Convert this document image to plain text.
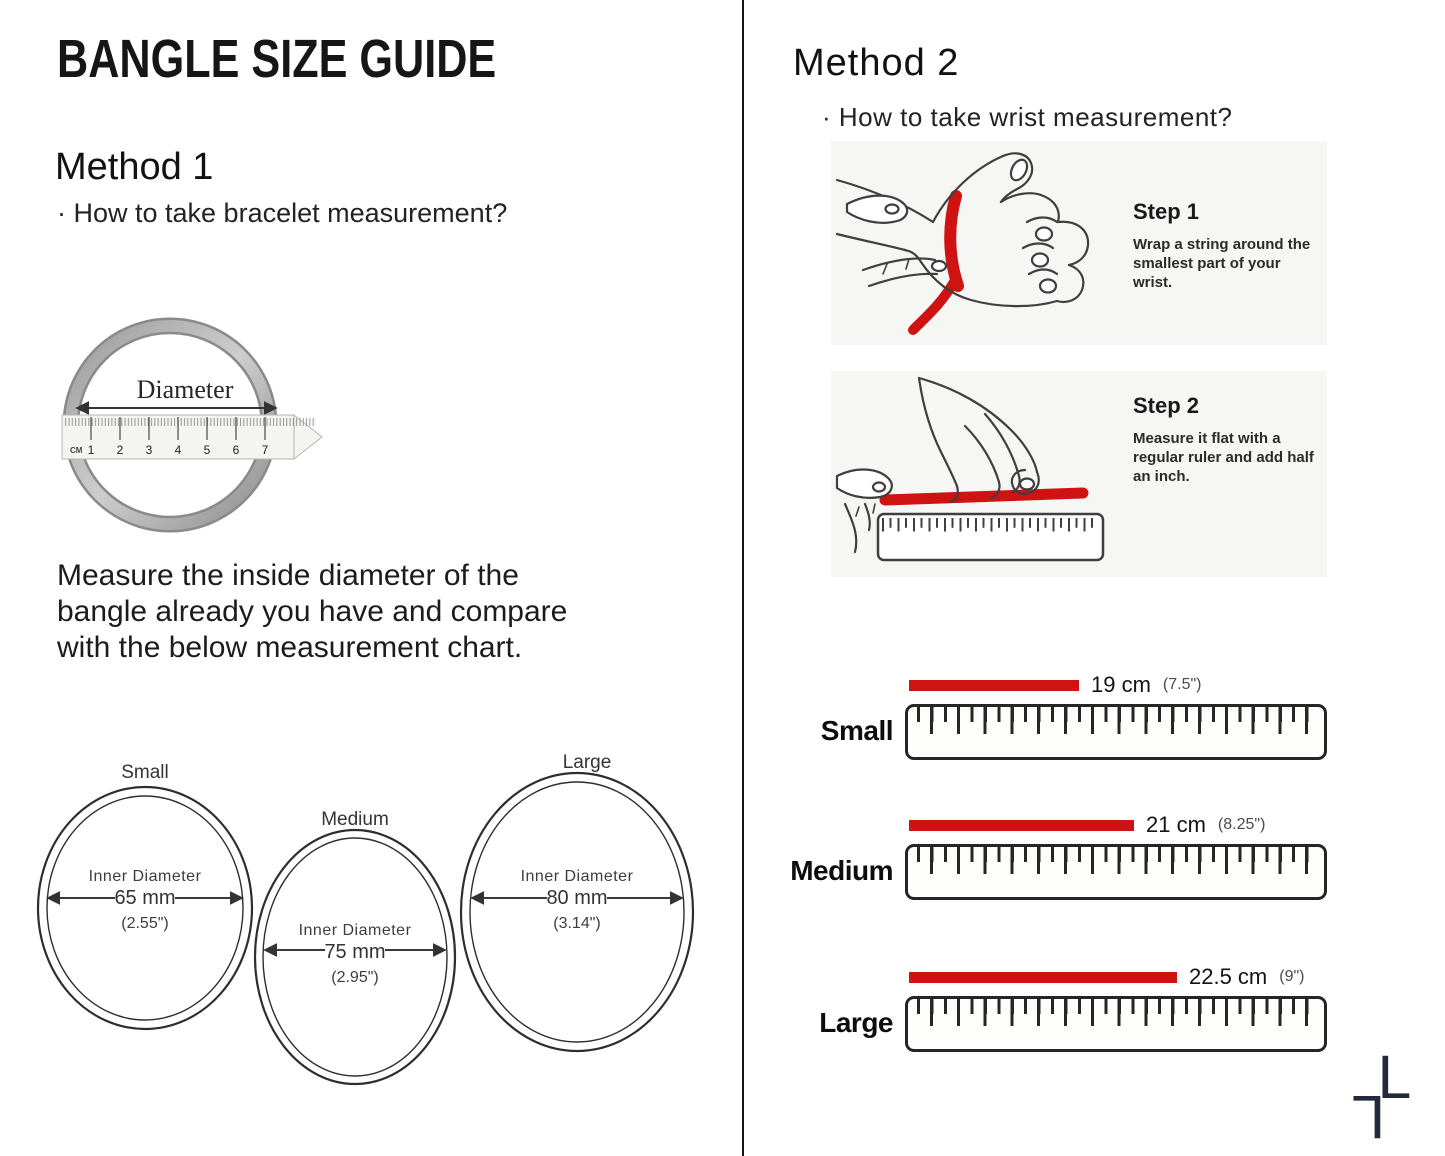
BANGLE SIZE GUIDE
Method 1
· How to take bracelet measurement?
Diameter
CM 1 2 3 4 5 6 7
Measure the inside diameter of the
bangle already you have and compare
with the below measurement chart.
Small
Inner Diameter
65 mm
(2.55")
Medium
Inner Diameter
75 mm
(2.95")
Large
Inner Diameter
80 mm
(3.14")
Method 2
· How to take wrist measurement?
Step 1
Wrap a string around the
smallest part of your
wrist.
Step 2
Measure it flat with a
regular ruler and add half
an inch.
Small
19 cm (7.5")
Medium
21 cm (8.25")
Large
22.5 cm (9")
L
L
